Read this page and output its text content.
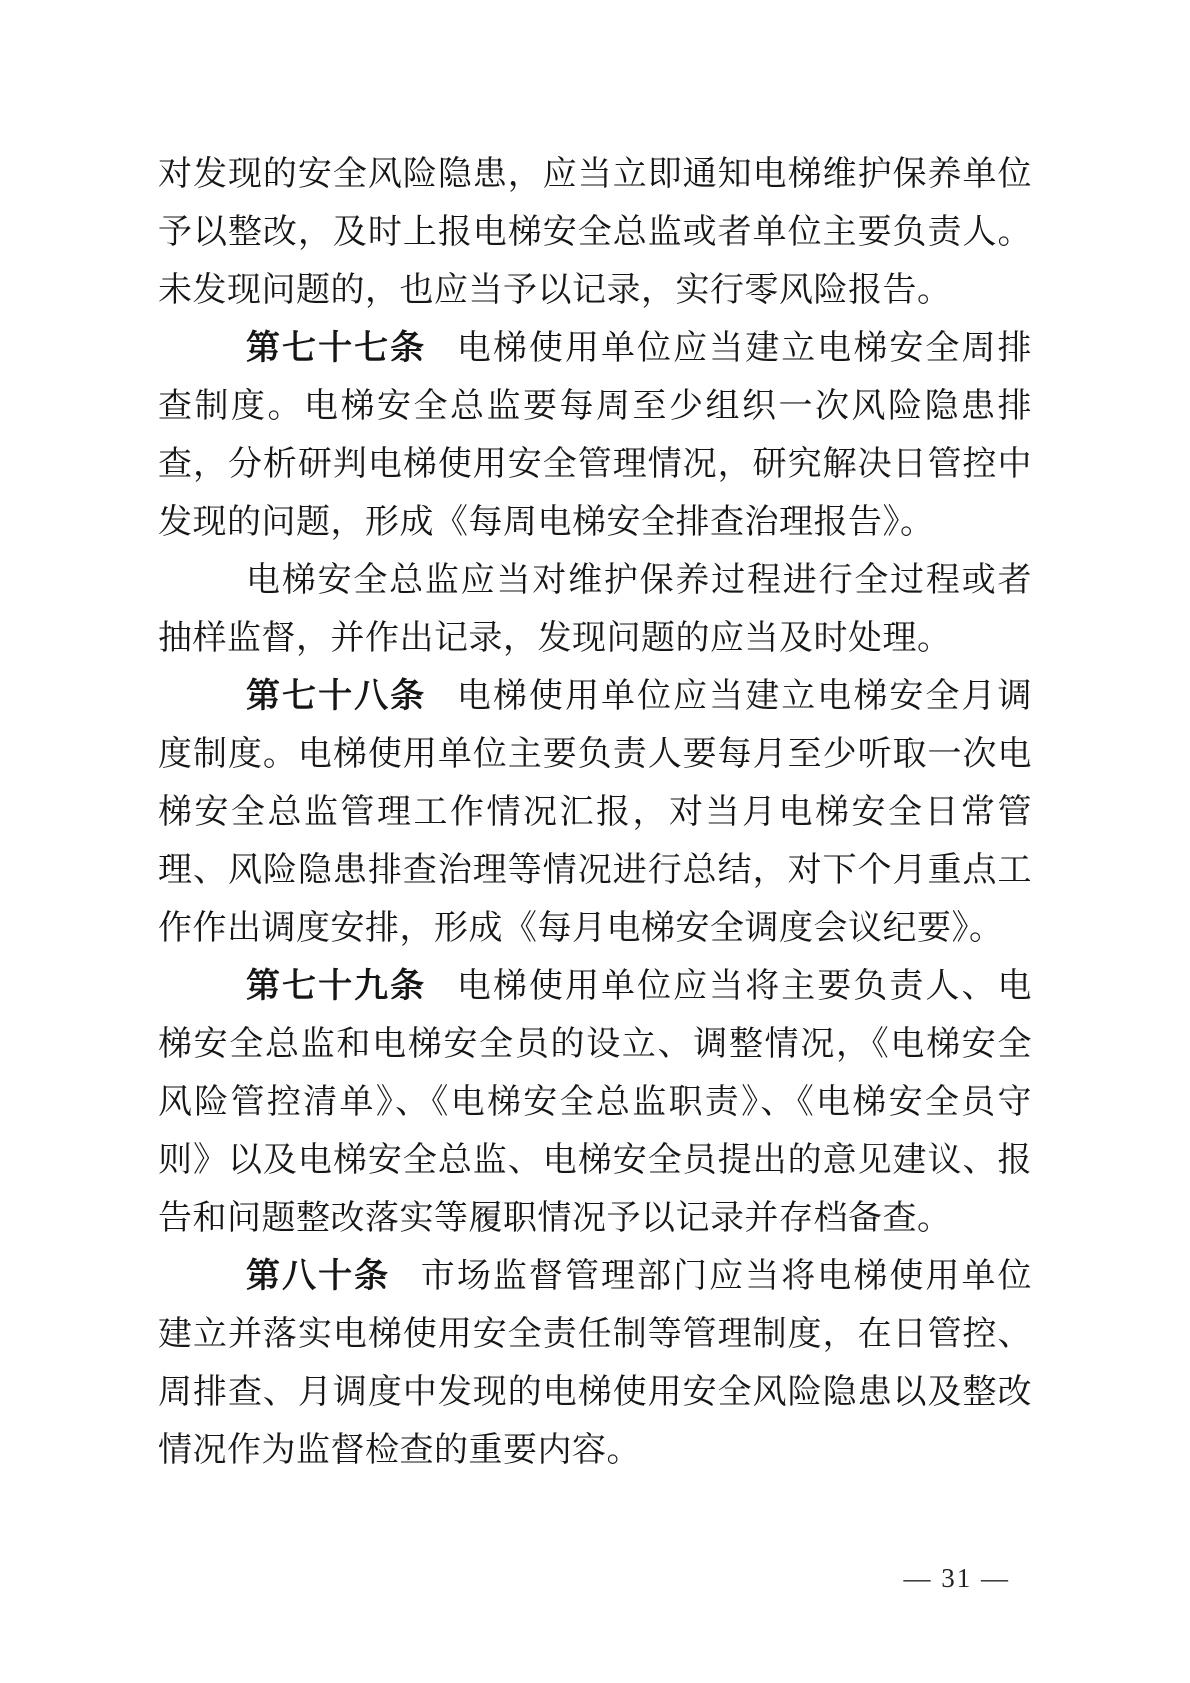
对发现的安全风险隐患，应当立即通知电梯维护保养单位予以整改，及时上报电梯安全总监或者单位主要负责人。未发现问题的，也应当予以记录，实行零风险报告。

第七十七条 电梯使用单位应当建立电梯安全周排查制度。电梯安全总监要每周至少组织一次风险隐患排查，分析研判电梯使用安全管理情况，研究解决日管控中发现的问题，形成《每周电梯安全排查治理报告》。

电梯安全总监应当对维护保养过程进行全过程或者抽样监督，并作出记录，发现问题的应当及时处理。

第七十八条 电梯使用单位应当建立电梯安全月调度制度。电梯使用单位主要负责人要每月至少听取一次电梯安全总监管理工作情况汇报，对当月电梯安全日常管理、风险隐患排查治理等情况进行总结，对下个月重点工作作出调度安排，形成《每月电梯安全调度会议纪要》。

第七十九条 电梯使用单位应当将主要负责人、电梯安全总监和电梯安全员的设立、调整情况，《电梯安全风险管控清单》、《电梯安全总监职责》、《电梯安全员守则》以及电梯安全总监、电梯安全员提出的意见建议、报告和问题整改落实等履职情况予以记录并存档备查。

第八十条 市场监督管理部门应当将电梯使用单位建立并落实电梯使用安全责任制等管理制度，在日管控、周排查、月调度中发现的电梯使用安全风险隐患以及整改情况作为监督检查的重要内容。

— 31 —
